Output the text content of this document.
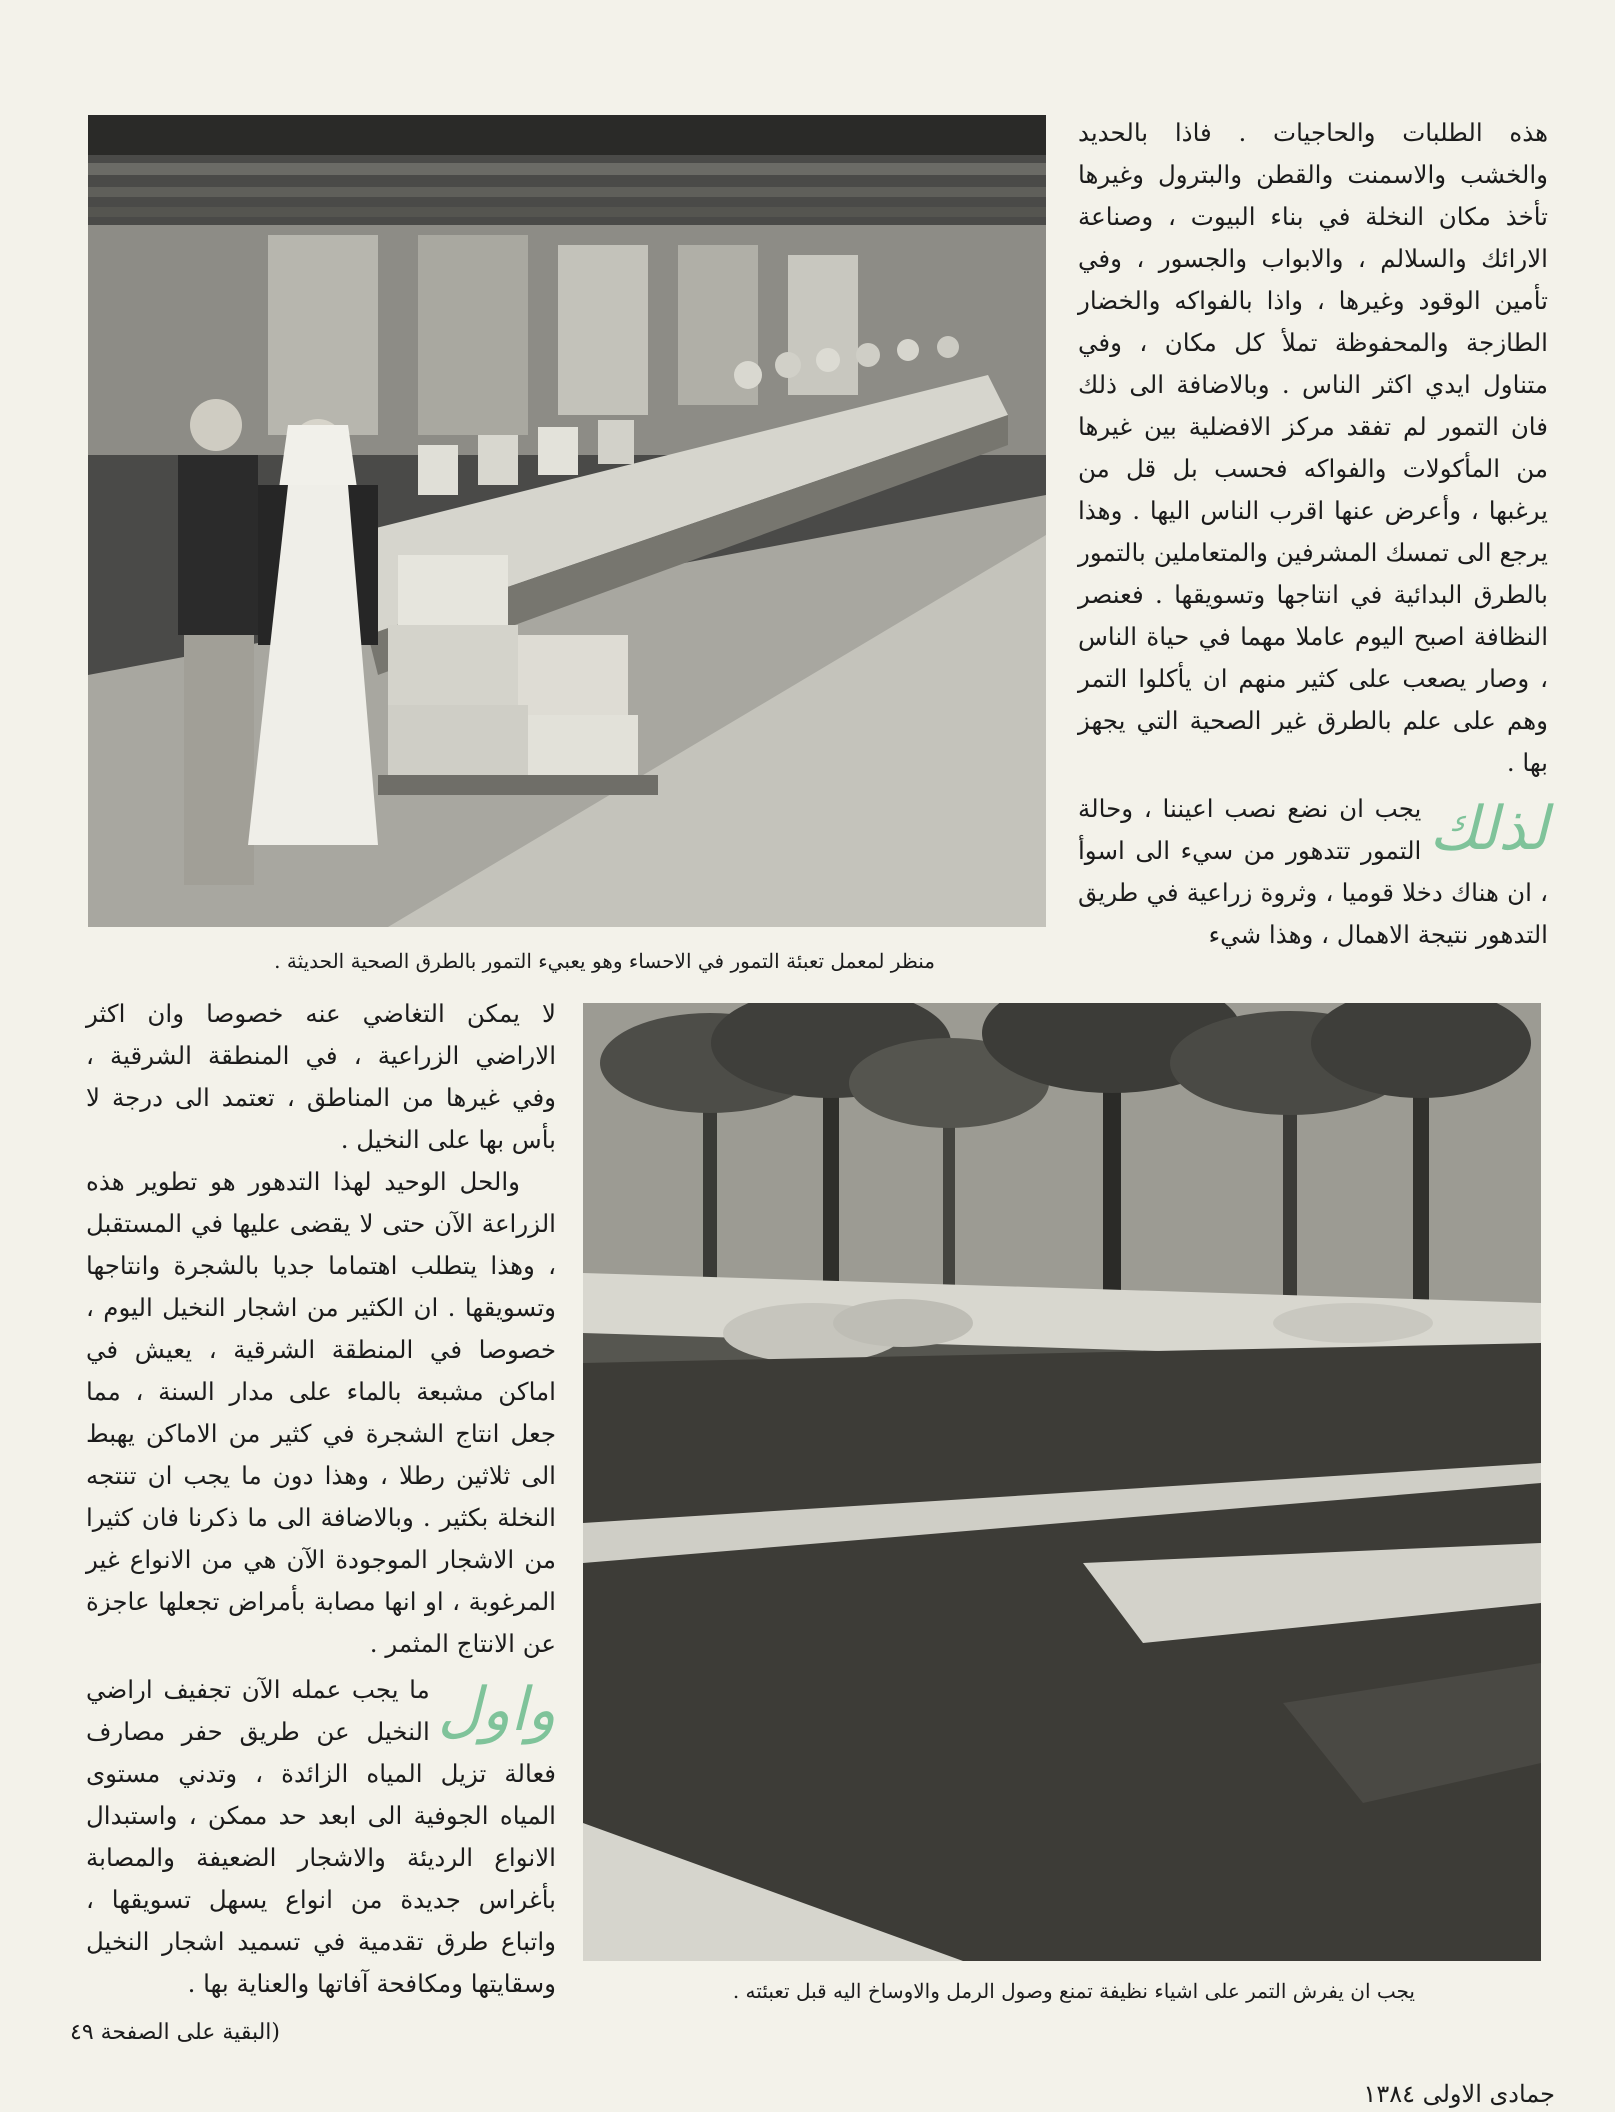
هذه الطلبات والحاجيات . فاذا بالحديد والخشب والاسمنت والقطن والبترول وغيرها تأخذ مكان النخلة في بناء البيوت ، وصناعة الارائك والسلالم ، والابواب والجسور ، وفي تأمين الوقود وغيرها ، واذا بالفواكه والخضار الطازجة والمحفوظة تملأ كل مكان ، وفي متناول ايدي اكثر الناس . وبالاضافة الى ذلك فان التمور لم تفقد مركز الافضلية بين غيرها من المأكولات والفواكه فحسب بل قل من يرغبها ، وأعرض عنها اقرب الناس اليها . وهذا يرجع الى تمسك المشرفين والمتعاملين بالتمور بالطرق البدائية في انتاجها وتسويقها . فعنصر النظافة اصبح اليوم عاملا مهما في حياة الناس ، وصار يصعب على كثير منهم ان يأكلوا التمر وهم على علم بالطرق غير الصحية التي يجهز بها .

لذلك
يجب ان نضع نصب اعيننا ، وحالة التمور تتدهور من سيء الى اسوأ ، ان هناك دخلا قوميا ، وثروة زراعية في طريق التدهور نتيجة الاهمال ، وهذا شيء

منظر لمعمل تعبئة التمور في الاحساء وهو يعبيء التمور بالطرق الصحية الحديثة .

لا يمكن التغاضي عنه خصوصا وان اكثر الاراضي الزراعية ، في المنطقة الشرقية ، وفي غيرها من المناطق ، تعتمد الى درجة لا بأس بها على النخيل .

والحل الوحيد لهذا التدهور هو تطوير هذه الزراعة الآن حتى لا يقضى عليها في المستقبل ، وهذا يتطلب اهتماما جديا بالشجرة وانتاجها وتسويقها . ان الكثير من اشجار النخيل اليوم ، خصوصا في المنطقة الشرقية ، يعيش في اماكن مشبعة بالماء على مدار السنة ، مما جعل انتاج الشجرة في كثير من الاماكن يهبط الى ثلاثين رطلا ، وهذا دون ما يجب ان تنتجه النخلة بكثير . وبالاضافة الى ما ذكرنا فان كثيرا من الاشجار الموجودة الآن هي من الانواع غير المرغوبة ، او انها مصابة بأمراض تجعلها عاجزة عن الانتاج المثمر .

واول
ما يجب عمله الآن تجفيف اراضي النخيل عن طريق حفر مصارف فعالة تزيل المياه الزائدة ، وتدني مستوى المياه الجوفية الى ابعد حد ممكن ، واستبدال الانواع الرديئة والاشجار الضعيفة والمصابة بأغراس جديدة من انواع يسهل تسويقها ، واتباع طرق تقدمية في تسميد اشجار النخيل وسقايتها ومكافحة آفاتها والعناية بها .	يجب ان يفرش التمر على اشياء نظيفة تمنع وصول الرمل والاوساخ اليه قبل تعبئته .
(البقية على الصفحة ٤٩
جمادى الاولى ١٣٨٤
